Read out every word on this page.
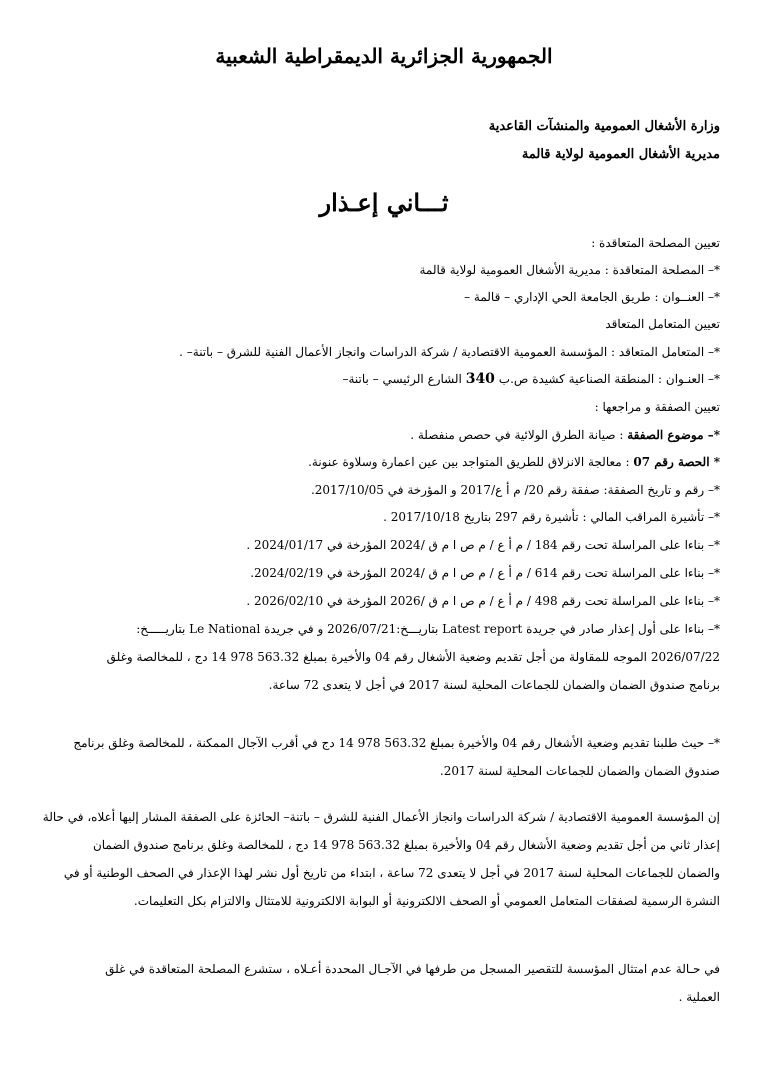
الجمهورية الجزائرية الديمقراطية الشعبية
وزارة الأشغال العمومية والمنشآت القاعدية
مديرية الأشغال العمومية لولاية قالمة
ثـــاني إعـذار
تعيين المصلحة المتعاقدة :
*– المصلحة المتعاقدة : مديرية الأشغال العمومية لولاية قالمة
*– العنــوان : طريق الجامعة الحي الإداري – قالمة –
تعيين المتعامل المتعاقد
*– المتعامل المتعاقد : المؤسسة العمومية الاقتصادية / شركة الدراسات وانجاز الأعمال الفنية للشرق – باتنة– .
*– العنـوان : المنطقة الصناعية كشيدة ص.ب 340 الشارع الرئيسي – باتنة–
تعيين الصفقة و مراجعها :
*– موضوع الصفقة : صيانة الطرق الولائية في حصص منفصلة .
* الحصة رقم 07 : معالجة الانزلاق للطريق المتواجد بين عين اعمارة وسلاوة عنونة.
*– رقم و تاريخ الصفقة: صفقة رقم 20/ م أ ع/2017 و المؤرخة في 2017/10/05.
*– تأشيرة المراقب المالي : تأشيرة رقم 297 بتاريخ 2017/10/18 .
*– بناءا على المراسلة تحت رقم 184 / م أ ع / م ص ا م ق /2024 المؤرخة في 2024/01/17 .
*– بناءا على المراسلة تحت رقم 614 / م أ ع / م ص ا م ق /2024 المؤرخة في 2024/02/19.
*– بناءا على المراسلة تحت رقم 498 / م أ ع / م ص ا م ق /2026 المؤرخة في 2026/02/10 .
*– بناءا على أول إعذار صادر في جريدة Latest report بتاريـــخ:2026/07/21 و في جريدة Le National بتاريـــــخ:
2026/07/22 الموجه للمقاولة من أجل تقديم وضعية الأشغال رقم 04 والأخيرة بمبلغ 563.32 978 14 دج ، للمخالصة وغلق
برنامج صندوق الضمان والضمان للجماعات المحلية لسنة 2017 في أجل لا يتعدى 72 ساعة.
*– حيث طلبنا تقديم وضعية الأشغال رقم 04 والأخيرة بمبلغ 563.32 978 14 دج في أقرب الآجال الممكنة ، للمخالصة وغلق برنامج
صندوق الضمان والضمان للجماعات المحلية لسنة 2017.
إن المؤسسة العمومية الاقتصادية / شركة الدراسات وانجاز الأعمال الفنية للشرق – باتنة– الحائزة على الصفقة المشار إليها أعلاه، في حالة
إعذار ثاني من أجل تقديم وضعية الأشغال رقم 04 والأخيرة بمبلغ 563.32 978 14 دج ، للمخالصة وغلق برنامج صندوق الضمان
والضمان للجماعات المحلية لسنة 2017 في أجل لا يتعدى 72 ساعة ، ابتداء من تاريخ أول نشر لهذا الإعذار في الصحف الوطنية أو في
النشرة الرسمية لصفقات المتعامل العمومي أو الصحف الالكترونية أو البوابة الالكترونية للامتثال والالتزام بكل التعليمات.
في حـالة عدم امتثال المؤسسة للتقصير المسجل من طرفها في الآجـال المحددة أعـلاه ، ستشرع المصلحة المتعاقدة في غلق
العملية .
